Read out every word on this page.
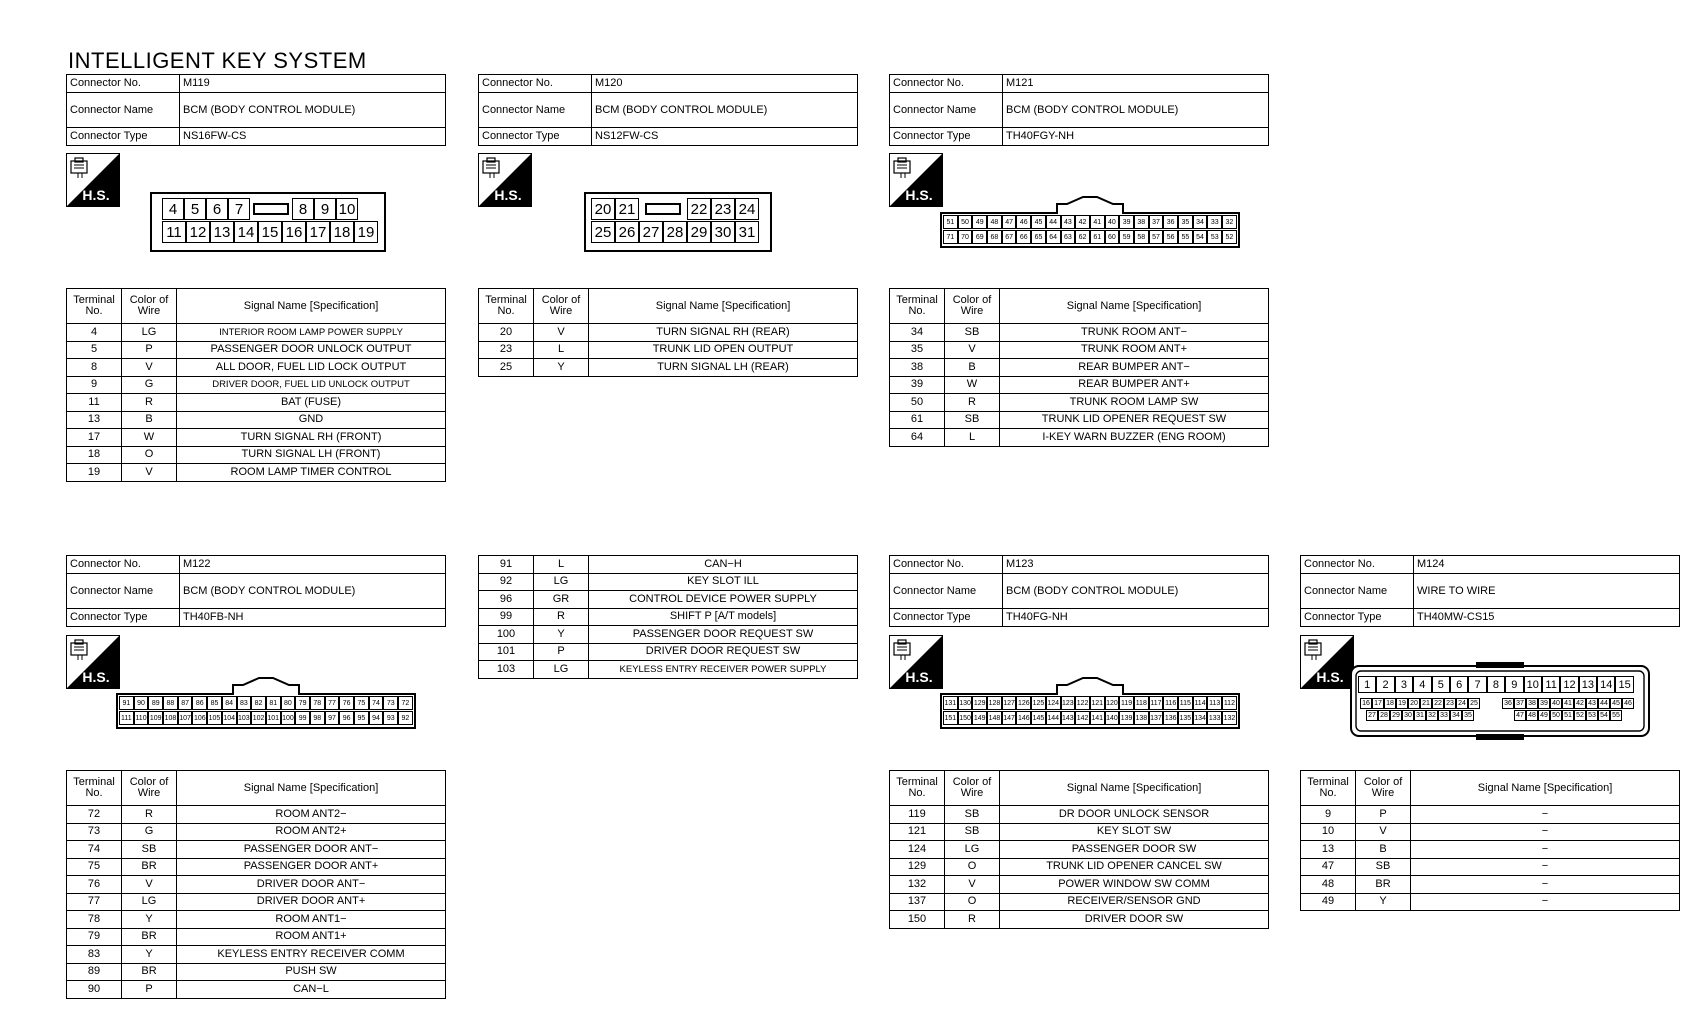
INTELLIGENT KEY SYSTEM
Connector No.	M119
Connector Name	BCM (BODY CONTROL MODULE)
Connector Type	NS16FW-CS
H.S.
4 5 6 7	8 9 10
11 12 13 14 15 16 17 18 19
Terminal No.	Color of Wire	Signal Name [Specification]
4	LG	INTERIOR ROOM LAMP POWER SUPPLY
5	P	PASSENGER DOOR UNLOCK OUTPUT
8	V	ALL DOOR, FUEL LID LOCK OUTPUT
9	G	DRIVER DOOR, FUEL LID UNLOCK OUTPUT
11	R	BAT (FUSE)
13	B	GND
17	W	TURN SIGNAL RH (FRONT)
18	O	TURN SIGNAL LH (FRONT)
19	V	ROOM LAMP TIMER CONTROL
Connector No.	M120
Connector Name	BCM (BODY CONTROL MODULE)
Connector Type	NS12FW-CS
H.S.
20 21	22 23 24
25 26 27 28 29 30 31
Terminal No.	Color of Wire	Signal Name [Specification]
20	V	TURN SIGNAL RH (REAR)
23	L	TRUNK LID OPEN OUTPUT
25	Y	TURN SIGNAL LH (REAR)
Connector No.	M121
Connector Name	BCM (BODY CONTROL MODULE)
Connector Type	TH40FGY-NH
H.S.
51 50 49 48 47 46 45 44 43 42 41 40 39 38 37 36 35 34 33 32
71 70 69 68 67 66 65 64 63 62 61 60 59 58 57 56 55 54 53 52
Terminal No.	Color of Wire	Signal Name [Specification]
34	SB	TRUNK ROOM ANT−
35	V	TRUNK ROOM ANT+
38	B	REAR BUMPER ANT−
39	W	REAR BUMPER ANT+
50	R	TRUNK ROOM LAMP SW
61	SB	TRUNK LID OPENER REQUEST SW
64	L	I-KEY WARN BUZZER (ENG ROOM)
Connector No.	M122
Connector Name	BCM (BODY CONTROL MODULE)
Connector Type	TH40FB-NH
H.S.
91 90 89 88 87 86 85 84 83 82 81 80 79 78 77 76 75 74 73 72
111 110 109 108 107 106 105 104 103 102 101 100 99 98 97 96 95 94 93 92
Terminal No.	Color of Wire	Signal Name [Specification]
72	R	ROOM ANT2−
73	G	ROOM ANT2+
74	SB	PASSENGER DOOR ANT−
75	BR	PASSENGER DOOR ANT+
76	V	DRIVER DOOR ANT−
77	LG	DRIVER DOOR ANT+
78	Y	ROOM ANT1−
79	BR	ROOM ANT1+
83	Y	KEYLESS ENTRY RECEIVER COMM
89	BR	PUSH SW
90	P	CAN−L
91	L	CAN−H
92	LG	KEY SLOT ILL
96	GR	CONTROL DEVICE POWER SUPPLY
99	R	SHIFT P [A/T models]
100	Y	PASSENGER DOOR REQUEST SW
101	P	DRIVER DOOR REQUEST SW
103	LG	KEYLESS ENTRY RECEIVER POWER SUPPLY
Connector No.	M123
Connector Name	BCM (BODY CONTROL MODULE)
Connector Type	TH40FG-NH
H.S.
131 130 129 128 127 126 125 124 123 122 121 120 119 118 117 116 115 114 113 112
151 150 149 148 147 146 145 144 143 142 141 140 139 138 137 136 135 134 133 132
Terminal No.	Color of Wire	Signal Name [Specification]
119	SB	DR DOOR UNLOCK SENSOR
121	SB	KEY SLOT SW
124	LG	PASSENGER DOOR SW
129	O	TRUNK LID OPENER CANCEL SW
132	V	POWER WINDOW SW COMM
137	O	RECEIVER/SENSOR GND
150	R	DRIVER DOOR SW
Connector No.	M124
Connector Name	WIRE TO WIRE
Connector Type	TH40MW-CS15
H.S.	1	2	3	4	5	6	7	8	9 10 11 12 13 14 15
16 17 18 19 20 21 22 23 24 25	36 37 38 39 40 41 42 43 44 45 46
27 28 29 30 31 32 33 34 35	47 48 49 50 51 52 53 54 55
Terminal No.	Color of Wire	Signal Name [Specification]
9	P	−
10	V	−
13	B	−
47	SB	−
48	BR	−
49	Y	−
